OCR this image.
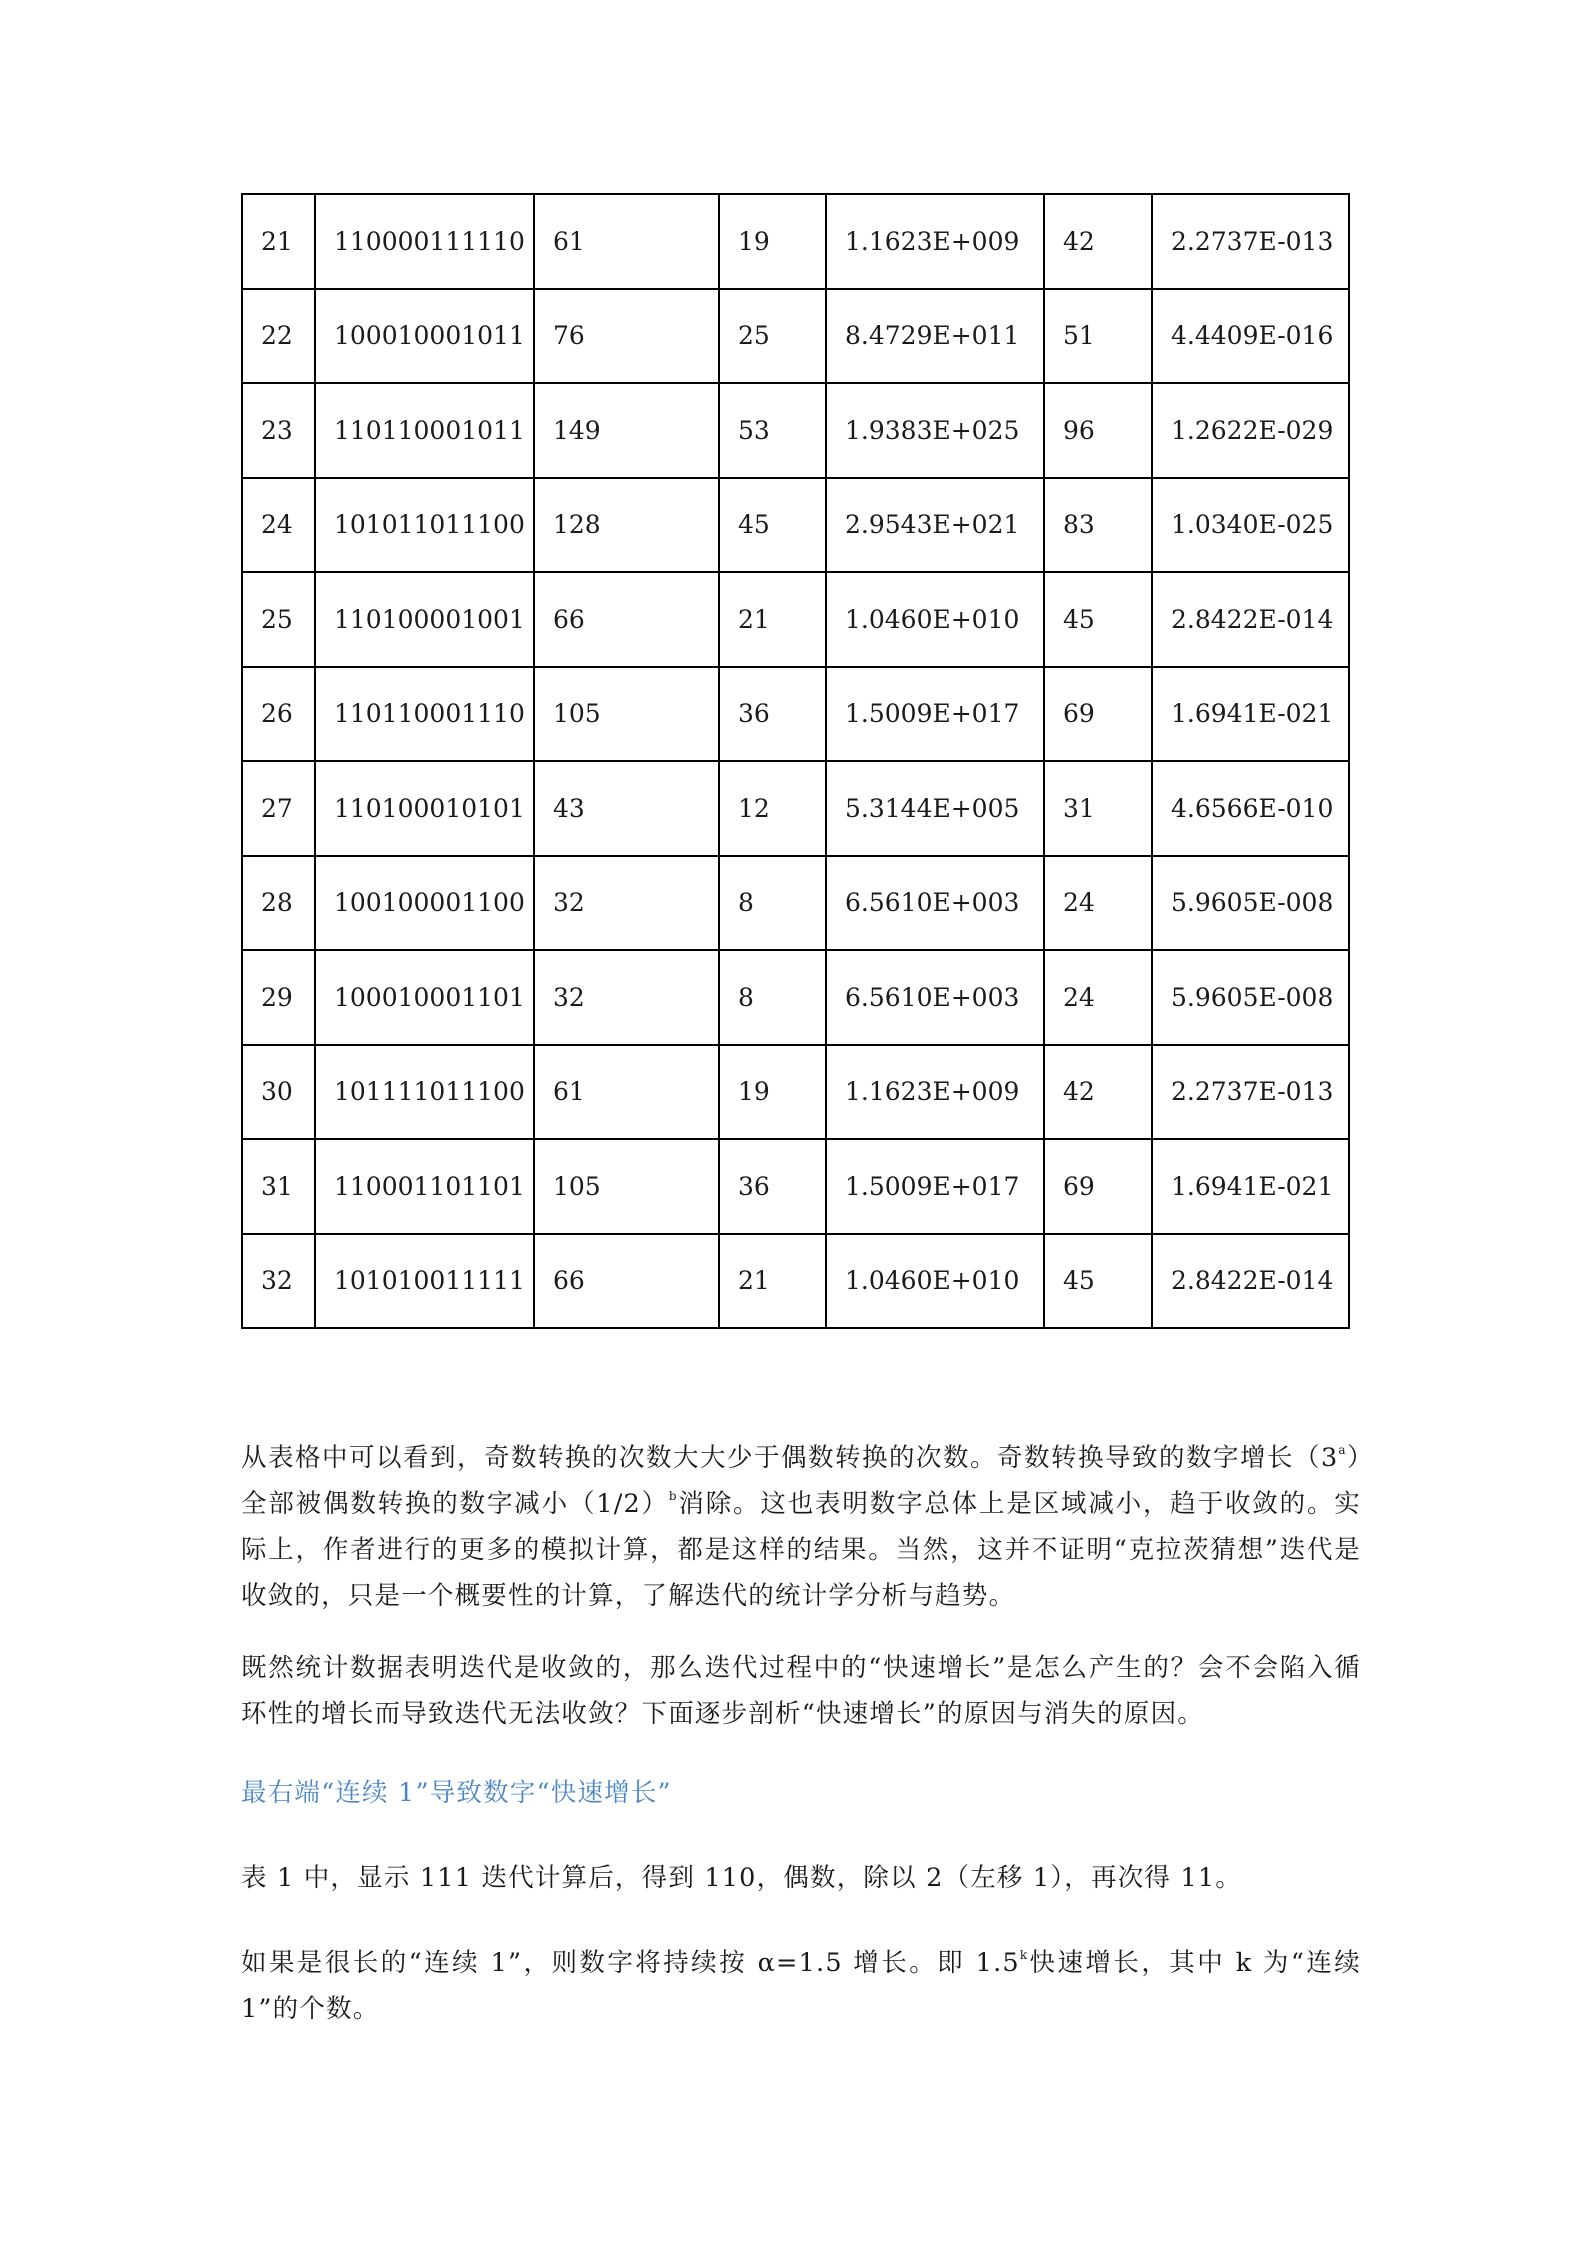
21	110000111110	61	19	1.1623E+009	42	2.2737E-013
22	100010001011	76	25	8.4729E+011	51	4.4409E-016
23	110110001011	149	53	1.9383E+025	96	1.2622E-029
24	101011011100	128	45	2.9543E+021	83	1.0340E-025
25	110100001001	66	21	1.0460E+010	45	2.8422E-014
26	110110001110	105	36	1.5009E+017	69	1.6941E-021
27	110100010101	43	12	5.3144E+005	31	4.6566E-010
28	100100001100	32	8	6.5610E+003	24	5.9605E-008
29	100010001101	32	8	6.5610E+003	24	5.9605E-008
30	101111011100	61	19	1.1623E+009	42	2.2737E-013
31	110001101101	105	36	1.5009E+017	69	1.6941E-021
32	101010011111	66	21	1.0460E+010	45	2.8422E-014

从表格中可以看到，奇数转换的次数大大少于偶数转换的次数。奇数转换导致的数字增长（3$^a$）全部被偶数转换的数字减小$(1/2)^b$消除。这也表明数字总体上是区域减小，趋于收敛的。实际上，作者进行的更多的模拟计算，都是这样的结果。当然，这并不证明“克拉茨猜想”迭代是收敛的，只是一个概要性的计算，了解迭代的统计学分析与趋势。

既然统计数据表明迭代是收敛的，那么迭代过程中的“快速增长”是怎么产生的？会不会陷入循环性的增长而导致迭代无法收敛？下面逐步剖析“快速增长”的原因与消失的原因。

最右端“连续 1”导致数字“快速增长”

表 1 中，显示 111 迭代计算后，得到 110，偶数，除以 2（左移 1），再次得 11。

如果是很长的“连续 1”，则数字将持续按 α=1.5 增长。即 1.5$^k$快速增长，其中 k 为“连续 1”的个数。
